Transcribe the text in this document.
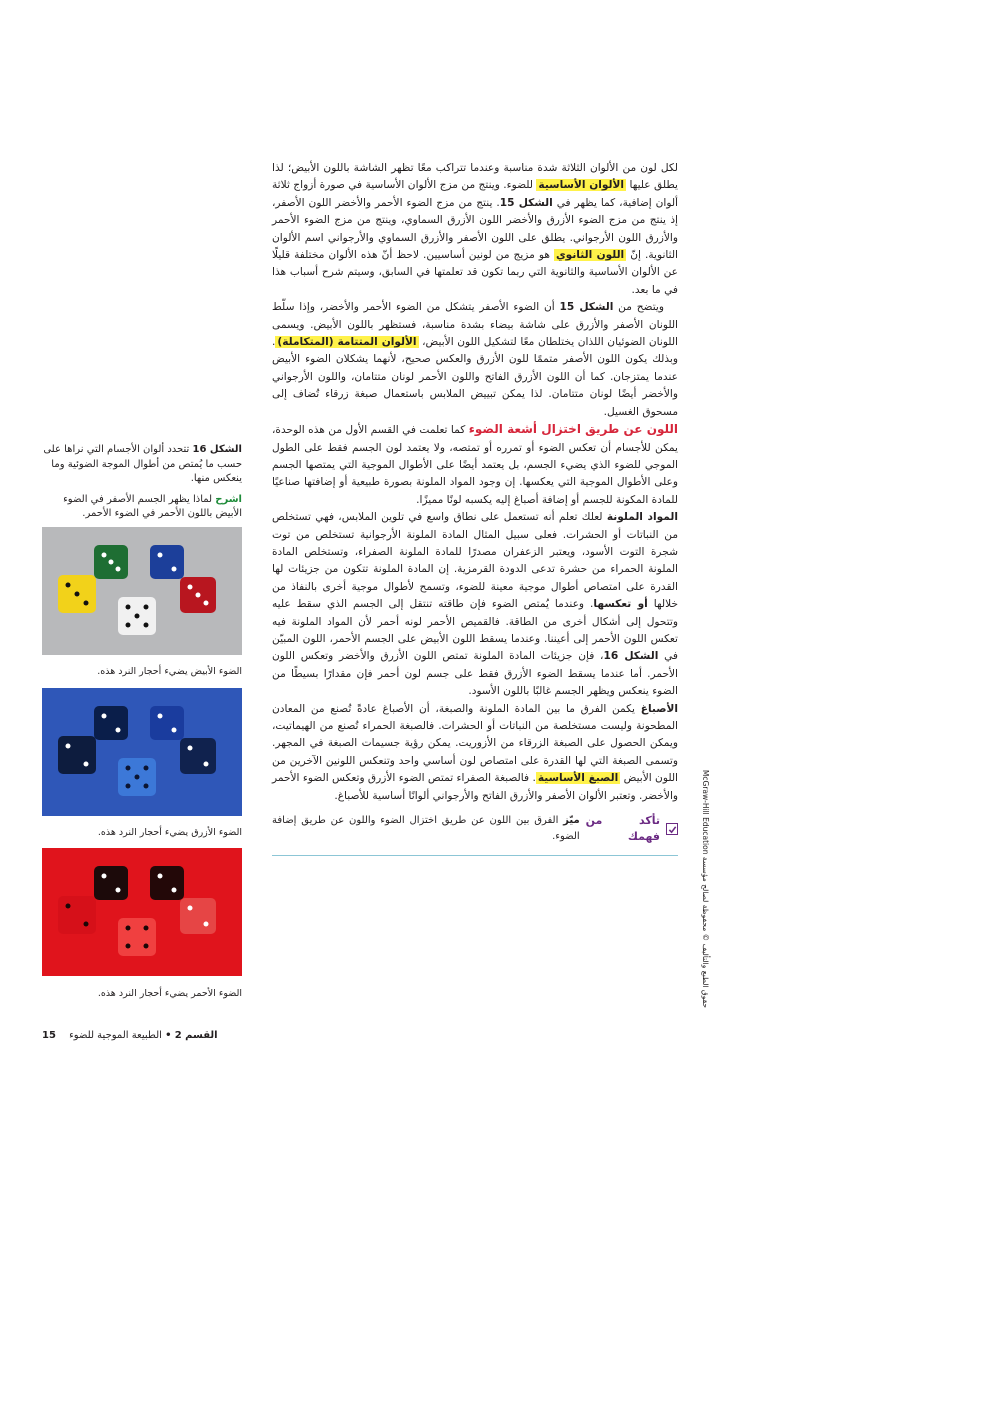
لكل لون من الألوان الثلاثة شدة مناسبة وعندما تتراكب معًا تظهر الشاشة باللون الأبيض؛ لذا يطلق عليها الألوان الأساسية للضوء. وينتج من مزج الألوان الأساسية في صورة أزواج ثلاثة ألوان إضافية، كما يظهر في الشكل 15. ينتج من مزج الضوء الأحمر والأخضر اللون الأصفر، إذ ينتج من مزج الضوء الأزرق والأخضر اللون الأزرق السماوي، وينتج من مزج الضوء الأحمر والأزرق اللون الأرجواني. يطلق على اللون الأصفر والأزرق السماوي والأرجواني اسم الألوان الثانوية. إنّ اللون الثانوي هو مزيج من لونين أساسيين. لاحظ أنّ هذه الألوان مختلفة قليلًا عن الألوان الأساسية والثانوية التي ربما تكون قد تعلمتها في السابق، وسيتم شرح أسباب هذا في ما بعد.

ويتضح من الشكل 15 أن الضوء الأصفر يتشكل من الضوء الأحمر والأخضر، وإذا سلّط اللونان الأصفر والأزرق على شاشة بيضاء بشدة مناسبة، فستظهر باللون الأبيض. ويسمى اللونان الضوئيان اللذان يختلطان معًا لتشكيل اللون الأبيض، الألوان المتتامة (المتكاملة). وبذلك يكون اللون الأصفر متممًا للون الأزرق والعكس صحيح، لأنهما يشكلان الضوء الأبيض عندما يمتزجان. كما أن اللون الأزرق الفاتح واللون الأحمر لونان متتامان، واللون الأرجواني والأخضر أيضًا لونان متتامان. لذا يمكن تبييض الملابس باستعمال صبغة زرقاء تُضاف إلى مسحوق الغسيل.

اللون عن طريق اختزال أشعة الضوء كما تعلمت في القسم الأول من هذه الوحدة، يمكن للأجسام أن تعكس الضوء أو تمرره أو تمتصه، ولا يعتمد لون الجسم فقط على الطول الموجي للضوء الذي يضيء الجسم، بل يعتمد أيضًا على الأطوال الموجية التي يمتصها الجسم وعلى الأطوال الموجية التي يعكسها. إن وجود المواد الملونة بصورة طبيعية أو إضافتها صناعيًا للمادة المكونة للجسم أو إضافة أصباغ إليه يكسبه لونًا مميزًا.

المواد الملونة لعلك تعلم أنه تستعمل على نطاق واسع في تلوين الملابس، فهي تستخلص من النباتات أو الحشرات. فعلى سبيل المثال المادة الملونة الأرجوانية تستخلص من توت شجرة التوت الأسود، ويعتبر الزعفران مصدرًا للمادة الملونة الصفراء، وتستخلص المادة الملونة الحمراء من حشرة تدعى الدودة القرمزية. إن المادة الملونة تتكون من جزيئات لها القدرة على امتصاص أطوال موجية معينة للضوء، وتسمح لأطوال موجية أخرى بالنفاذ من خلالها أو تعكسها. وعندما يُمتص الضوء فإن طاقته تنتقل إلى الجسم الذي سقط عليه وتتحول إلى أشكال أخرى من الطاقة. فالقميص الأحمر لونه أحمر لأن المواد الملونة فيه تعكس اللون الأحمر إلى أعيننا. وعندما يسقط اللون الأبيض على الجسم الأحمر، اللون المبيّن في الشكل 16، فإن جزيئات المادة الملونة تمتص اللون الأزرق والأخضر وتعكس اللون الأحمر. أما عندما يسقط الضوء الأزرق فقط على جسم لون أحمر فإن مقدارًا بسيطًا من الضوء ينعكس ويظهر الجسم غالبًا باللون الأسود.

الأصباغ يكمن الفرق ما بين المادة الملونة والصبغة، أن الأصباغ عادةً تُصنع من المعادن المطحونة وليست مستخلصة من النباتات أو الحشرات. فالصبغة الحمراء تُصنع من الهيماتيت، ويمكن الحصول على الصبغة الزرقاء من الأزوريت. يمكن رؤية جسيمات الصبغة في المجهر. وتسمى الصبغة التي لها القدرة على امتصاص لون أساسي واحد وتنعكس اللونين الآخرين من اللون الأبيض الصبغ الأساسية. فالصبغة الصفراء تمتص الضوء الأزرق وتعكس الضوء الأحمر والأخضر. وتعتبر الألوان الأصفر والأزرق الفاتح والأرجواني ألوانًا أساسية للأصباغ.

تأكد من فهمك
ميّز الفرق بين اللون عن طريق اختزال الضوء واللون عن طريق إضافة الضوء.

الشكل 16 تتحدد ألوان الأجسام التي نراها على حسب ما يُمتص من أطوال الموجة الضوئية وما ينعكس منها.

اشرح لماذا يظهر الجسم الأصفر في الضوء الأبيض باللون الأحمر في الضوء الأحمر.

الضوء الأبيض يضيء أحجار النرد هذه.
الضوء الأزرق يضيء أحجار النرد هذه.
الضوء الأحمر يضيء أحجار النرد هذه.
القسم 2 • الطبيعة الموجية للضوء 15
حقوق الطبع والتأليف © محفوظة لصالح مؤسسة McGraw-Hill Education
